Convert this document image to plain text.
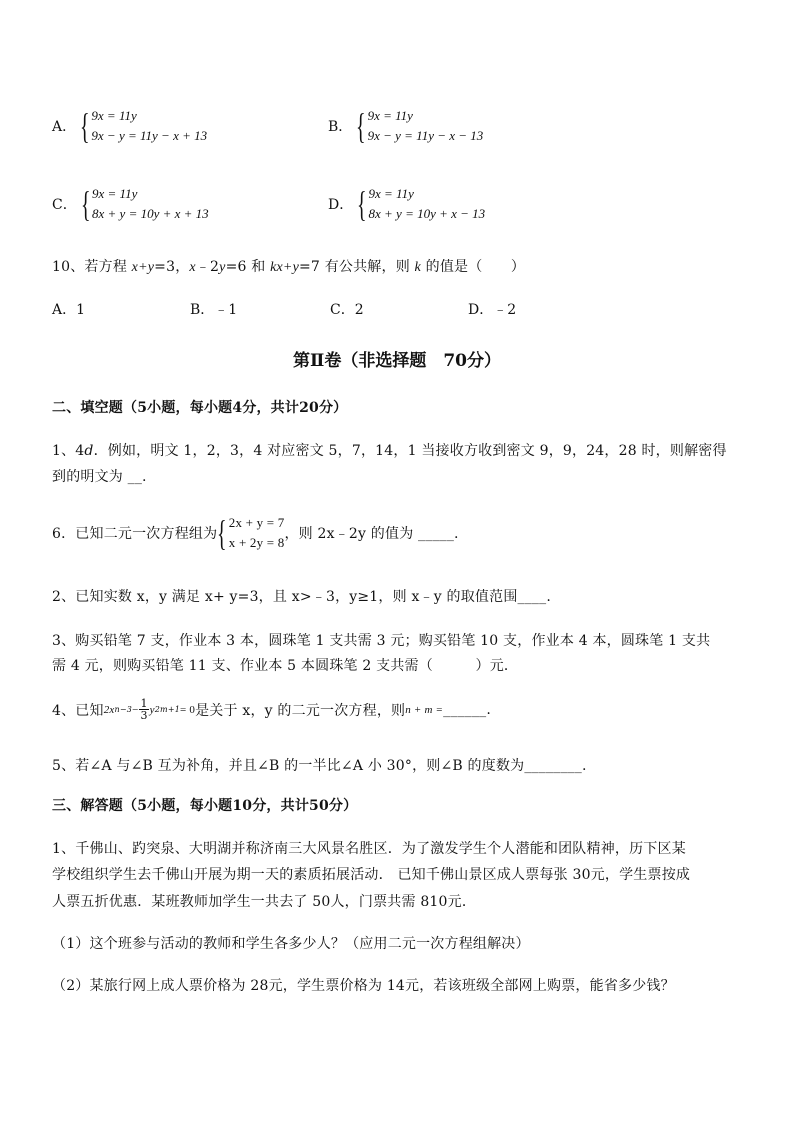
A． { 9x = 11y
9x − y = 11y − x + 13
B． { 9x = 11y
9x − y = 11y − x − 13
C． { 9x = 11y
8x + y = 10y + x + 13
D． { 9x = 11y
8x + y = 10y + x − 13
10、若方程 x+y=3，x﹣2y=6 和 kx+y=7 有公共解，则 k 的值是（　　）
A．1	B．﹣1	C．2	D．﹣2
第Ⅱ卷（非选择题　70分）
二、填空题（5小题，每小题4分，共计20分）
1、4𝑑．例如，明文 1，2，3，4 对应密文 5，7，14，1 当接收方收到密文 9，9，24，28 时，则解密得
到的明文为 __.
6．已知二元一次方程组为 { 2x + y = 7
x + 2y = 8
，则 2x﹣2y 的值为 _____.
2、已知实数 x，y 满足 x+ y=3，且 x>﹣3，y≥1，则 x﹣y 的取值范围____.
3、购买铅笔 7 支，作业本 3 本，圆珠笔 1 支共需 3 元；购买铅笔 10 支，作业本 4 本，圆珠笔 1 支共
需 4 元，则购买铅笔 11 支、作业本 5 本圆珠笔 2 支共需（　　　）元．
4、已知 2x $n-3 - \frac{1}{3}$ y 2m+1 = 0 是关于 x，y 的二元一次方程，则 n + m = ______.
5、若∠A 与∠B 互为补角，并且∠B 的一半比∠A 小 30°，则∠B 的度数为________.
三、解答题（5小题，每小题10分，共计50分）
1、千佛山、趵突泉、大明湖并称济南三大风景名胜区．为了激发学生个人潜能和团队精神，历下区某
学校组织学生去千佛山开展为期一天的素质拓展活动． 已知千佛山景区成人票每张 30元，学生票按成
人票五折优惠．某班教师加学生一共去了 50人，门票共需 810元．
（1）这个班参与活动的教师和学生各多少人？（应用二元一次方程组解决）
（2）某旅行网上成人票价格为 28元，学生票价格为 14元，若该班级全部网上购票，能省多少钱？
